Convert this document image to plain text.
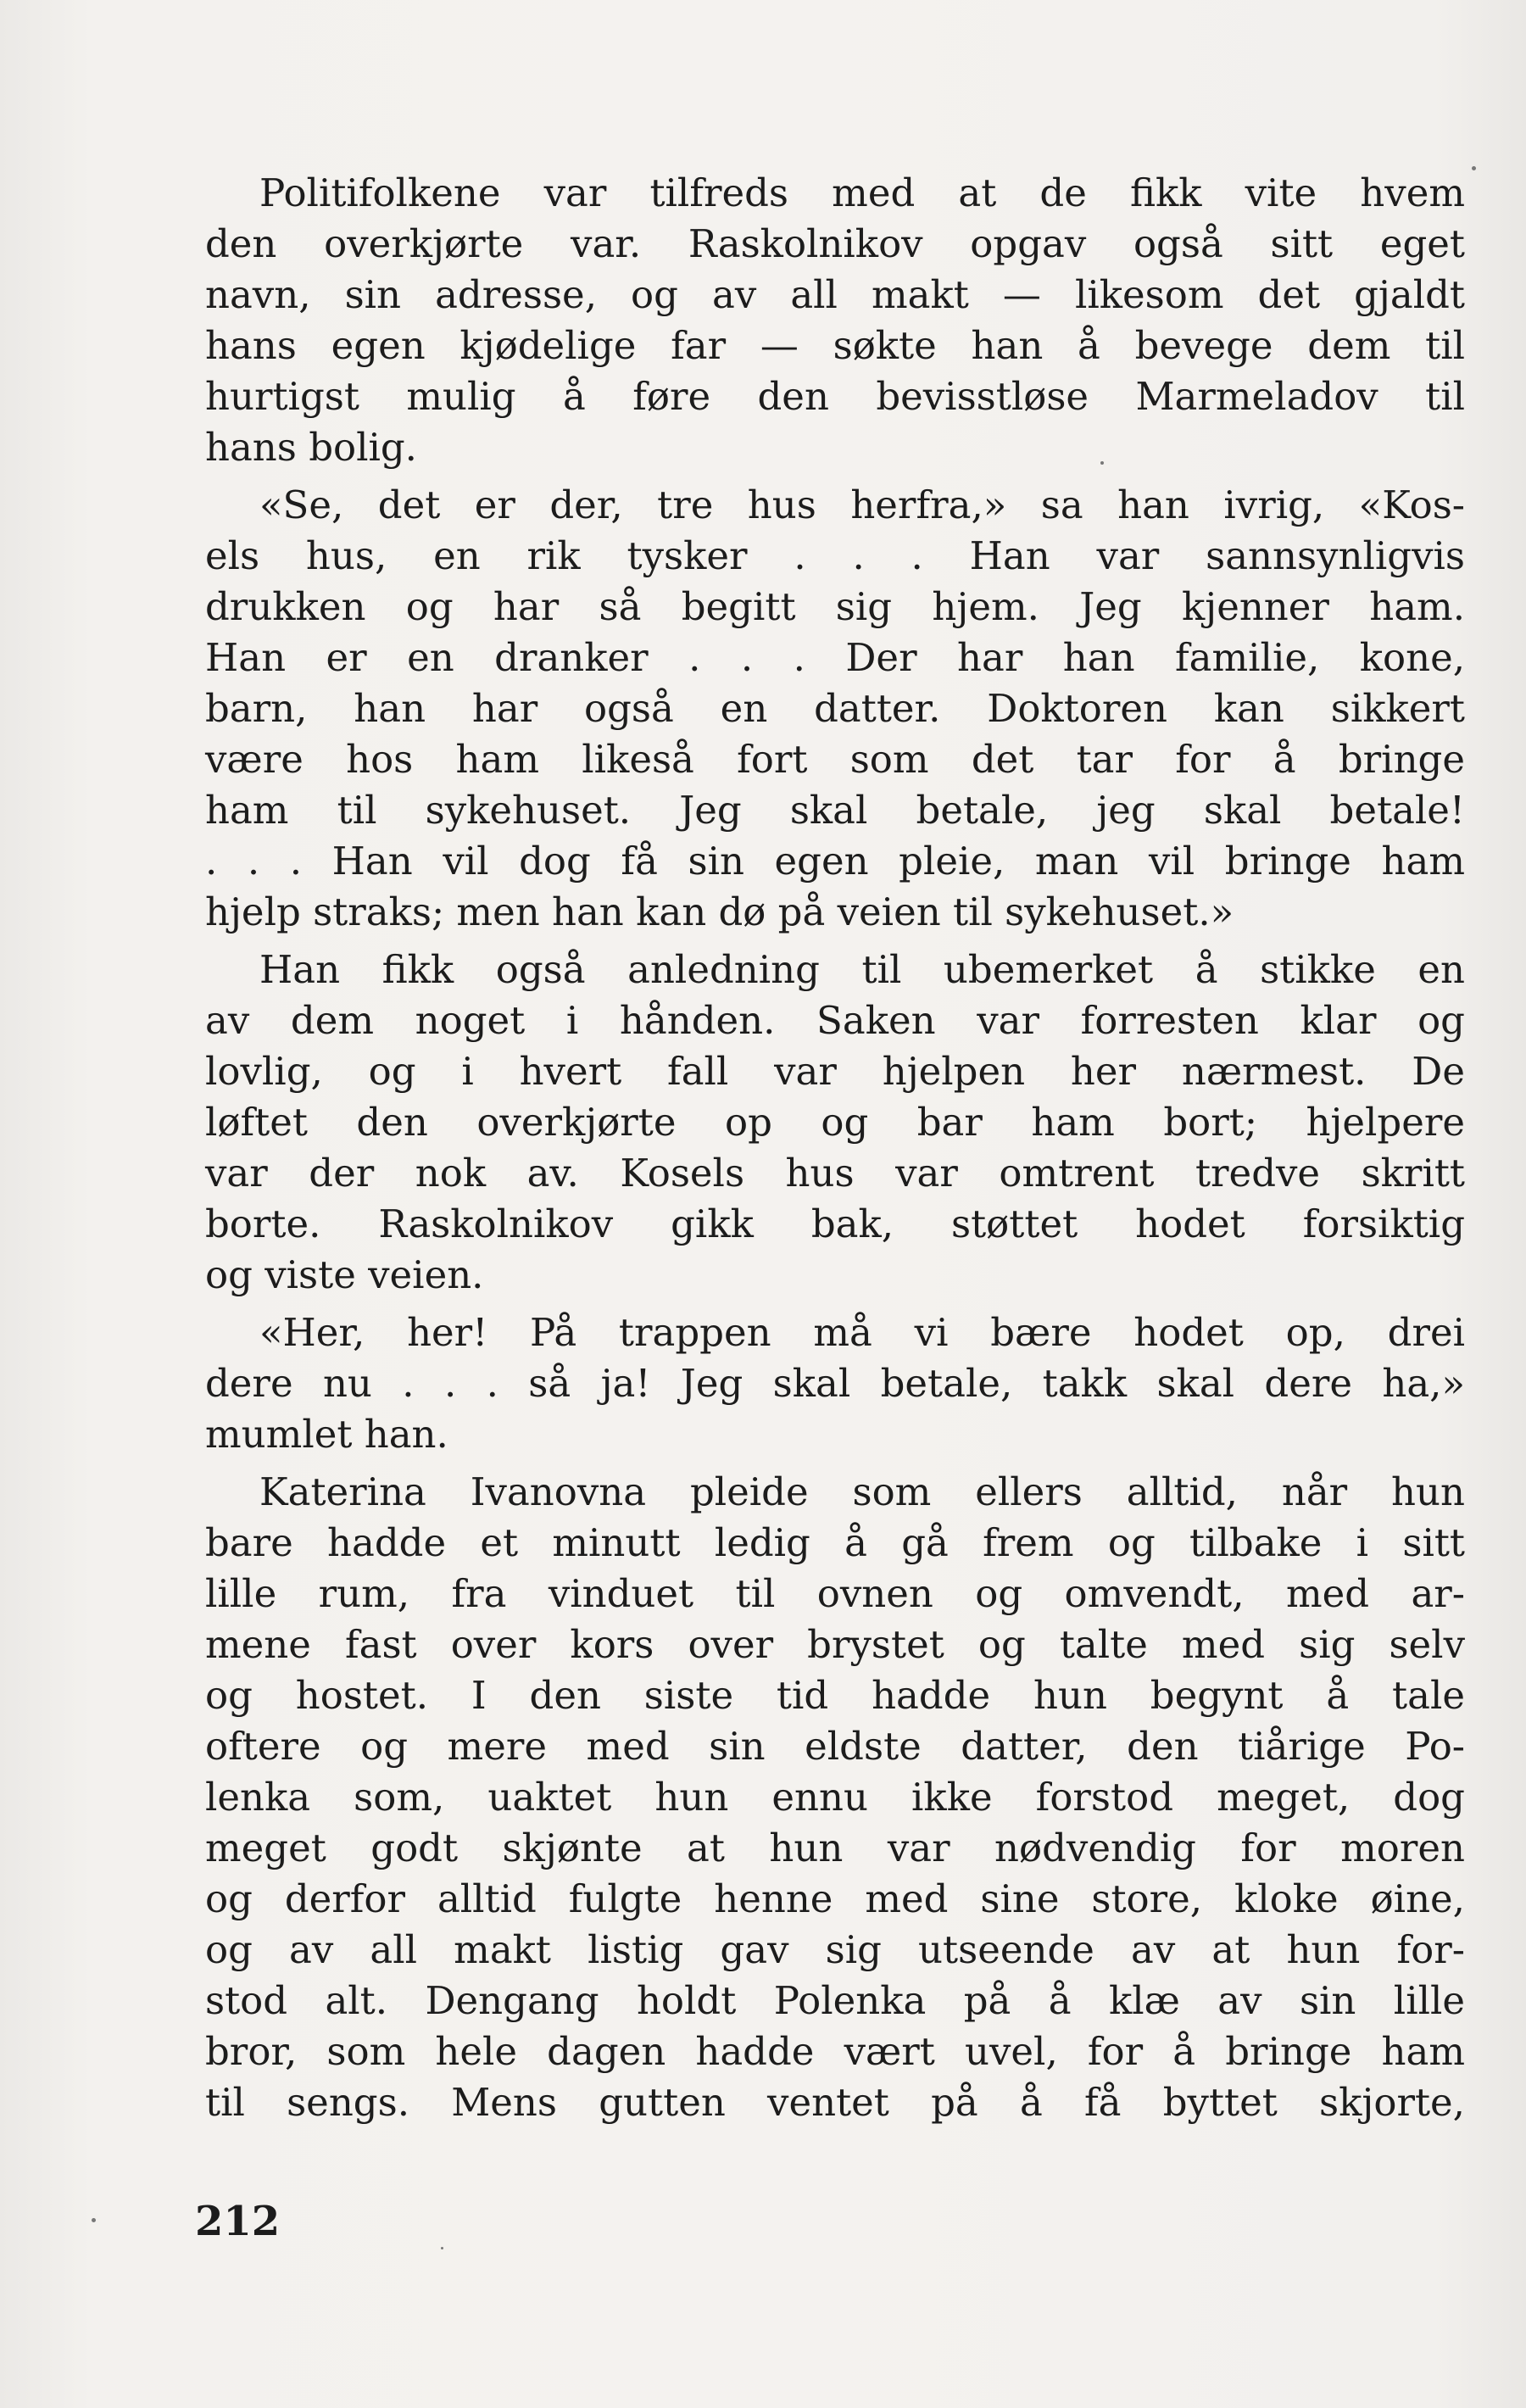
Politifolkene var tilfreds med at de fikk vite hvem
den overkjørte var. Raskolnikov opgav også sitt eget
navn, sin adresse, og av all makt — likesom det gjaldt
hans egen kjødelige far — søkte han å bevege dem til
hurtigst mulig å føre den bevisstløse Marmeladov til
hans bolig.
«Se, det er der, tre hus herfra,» sa han ivrig, «Kos-
els hus, en rik tysker . . . Han var sannsynligvis
drukken og har så begitt sig hjem. Jeg kjenner ham.
Han er en dranker . . . Der har han familie, kone,
barn, han har også en datter. Doktoren kan sikkert
være hos ham likeså fort som det tar for å bringe
ham til sykehuset. Jeg skal betale, jeg skal betale!
. . . Han vil dog få sin egen pleie, man vil bringe ham
hjelp straks; men han kan dø på veien til sykehuset.»
Han fikk også anledning til ubemerket å stikke en
av dem noget i hånden. Saken var forresten klar og
lovlig, og i hvert fall var hjelpen her nærmest. De
løftet den overkjørte op og bar ham bort; hjelpere
var der nok av. Kosels hus var omtrent tredve skritt
borte. Raskolnikov gikk bak, støttet hodet forsiktig
og viste veien.
«Her, her! På trappen må vi bære hodet op, drei
dere nu . . . så ja! Jeg skal betale, takk skal dere ha,»
mumlet han.
Katerina Ivanovna pleide som ellers alltid, når hun
bare hadde et minutt ledig å gå frem og tilbake i sitt
lille rum, fra vinduet til ovnen og omvendt, med ar-
mene fast over kors over brystet og talte med sig selv
og hostet. I den siste tid hadde hun begynt å tale
oftere og mere med sin eldste datter, den tiårige Po-
lenka som, uaktet hun ennu ikke forstod meget, dog
meget godt skjønte at hun var nødvendig for moren
og derfor alltid fulgte henne med sine store, kloke øine,
og av all makt listig gav sig utseende av at hun for-
stod alt. Dengang holdt Polenka på å klæ av sin lille
bror, som hele dagen hadde vært uvel, for å bringe ham
til sengs. Mens gutten ventet på å få byttet skjorte,
212
